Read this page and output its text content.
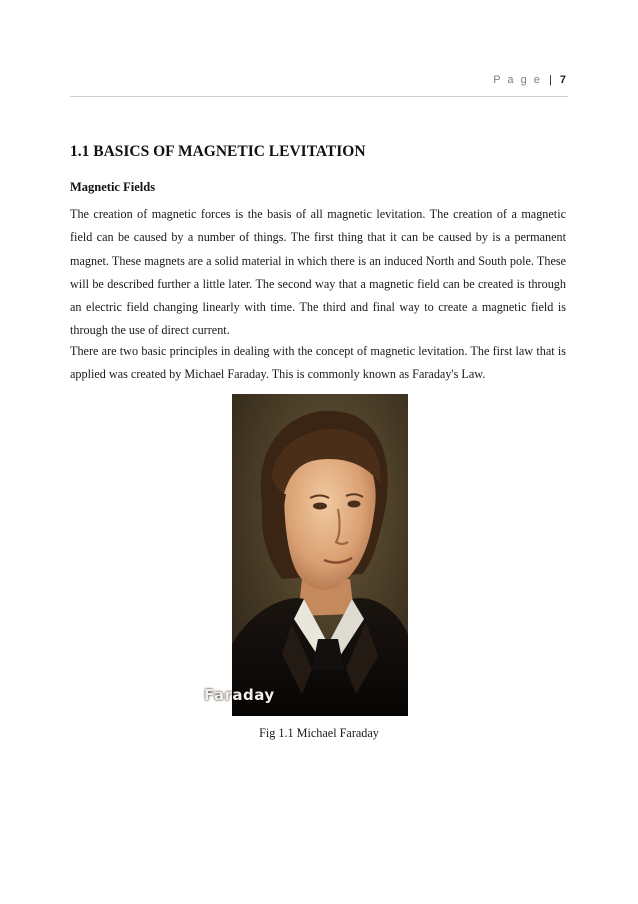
P a g e | 7
1.1 BASICS OF MAGNETIC LEVITATION
Magnetic Fields

The creation of magnetic forces is the basis of all magnetic levitation. The creation of a magnetic field can be caused by a number of things. The first thing that it can be caused by is a permanent magnet. These magnets are a solid material in which there is an induced North and South pole. These will be described further a little later. The second way that a magnetic field can be created is through an electric field changing linearly with time. The third and final way to create a magnetic field is through the use of direct current.

There are two basic principles in dealing with the concept of magnetic levitation. The first law that is applied was created by Michael Faraday. This is commonly known as Faraday's Law.

Faraday
Fig 1.1 Michael Faraday
